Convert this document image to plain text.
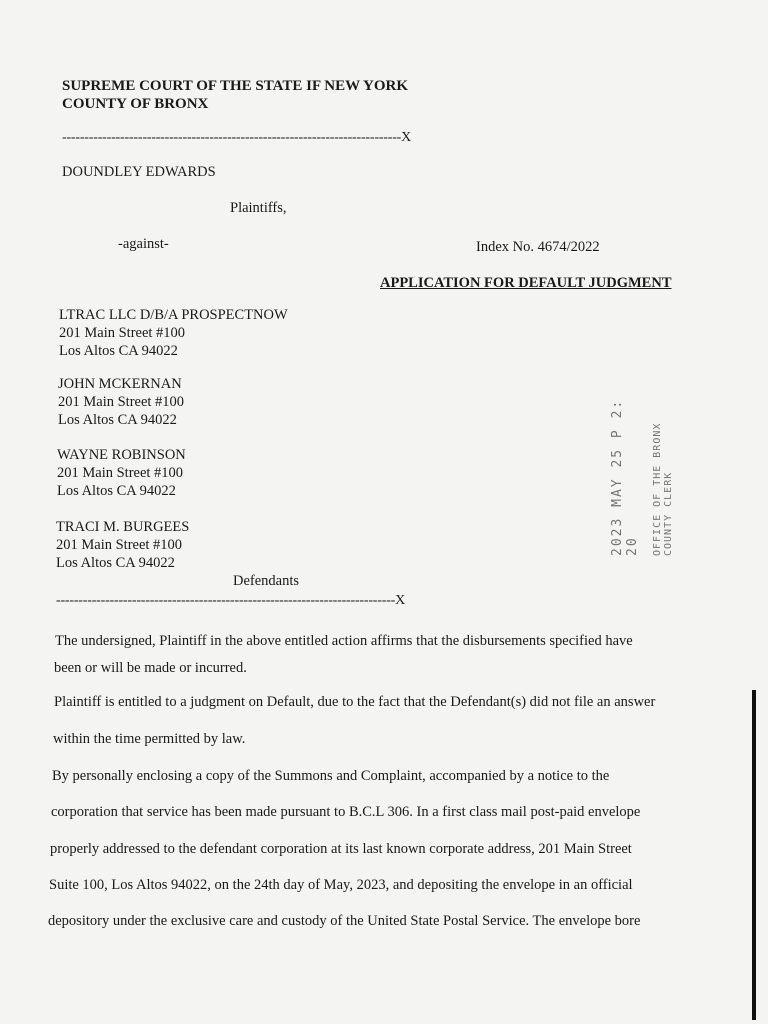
SUPREME COURT OF THE STATE IF NEW YORK
COUNTY OF BRONX
----------------------------------------------------------------------------X
DOUNDLEY EDWARDS
Plaintiffs,
-against-	Index No. 4674/2022
APPLICATION FOR DEFAULT JUDGMENT
LTRAC LLC D/B/A PROSPECTNOW
201 Main Street #100
Los Altos CA 94022
JOHN MCKERNAN
201 Main Street #100
Los Altos CA 94022
WAYNE ROBINSON
201 Main Street #100
Los Altos CA 94022
TRACI M. BURGEES
201 Main Street #100
Los Altos CA 94022
Defendants
----------------------------------------------------------------------------X
2023 MAY 25 P 2: 20 OFFICE OF THE BRONX COUNTY CLERK
The undersigned, Plaintiff in the above entitled action affirms that the disbursements specified have
been or will be made or incurred.
Plaintiff is entitled to a judgment on Default, due to the fact that the Defendant(s) did not file an answer
within the time permitted by law.
By personally enclosing a copy of the Summons and Complaint, accompanied by a notice to the
corporation that service has been made pursuant to B.C.L 306. In a first class mail post-paid envelope
properly addressed to the defendant corporation at its last known corporate address, 201 Main Street
Suite 100, Los Altos 94022, on the 24th day of May, 2023, and depositing the envelope in an official
depository under the exclusive care and custody of the United State Postal Service. The envelope bore
